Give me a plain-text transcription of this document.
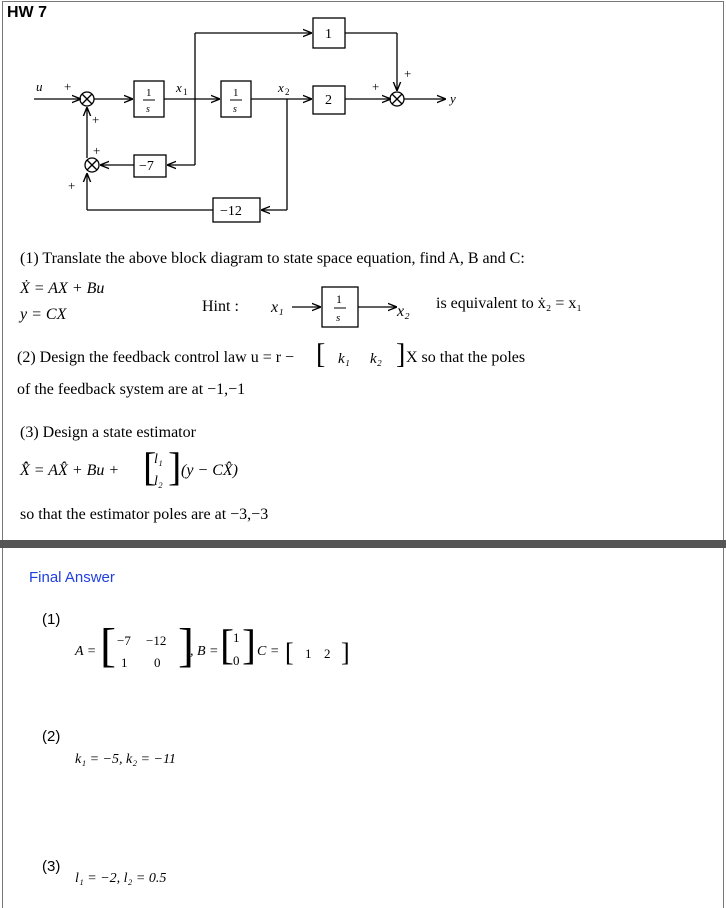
HW 7
u +
+
+
+
+
+
y
x 1	x 2
1
s
1
s
1
2
−7
−12
(1) Translate the above block diagram to state space equation, find A, B and C:
Ẋ = AX + Bu
y = CX	Hint : x₁	1
s	x₂ is equivalent to ẋ₂ = x₁
(2) Design the feedback control law u = r − [ k₁ k₂ ] X so that the poles
of the feedback system are at −1,−1
(3) Design a state estimator
X̂̇ = AX̂ + Bu + [
l₁
l₂ ] (y − CX̂)
so that the estimator poles are at −3,−3
Final Answer
(1)
A = [ −7 −12
1 0 ]
, B = [ 1
0 ]
, C = [ 1 2 ]
(2)
k₁ = −5, k₂ = −11
(3)
l₁ = −2, l₂ = 0.5
